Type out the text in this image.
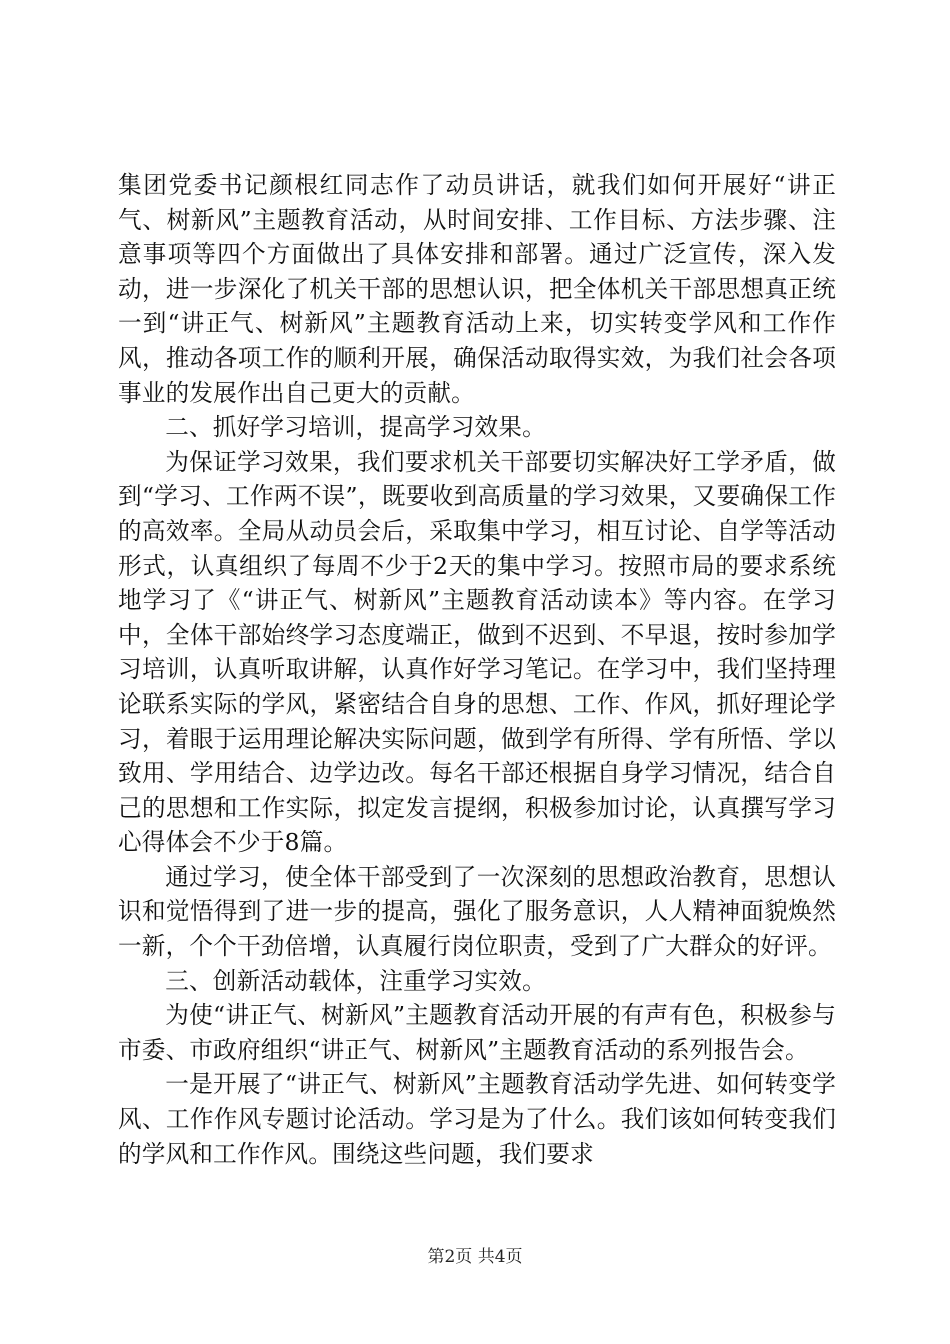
集团党委书记颜根红同志作了动员讲话，就我们如何开展好“讲正气、树新风”主题教育活动，从时间安排、工作目标、方法步骤、注意事项等四个方面做出了具体安排和部署。通过广泛宣传，深入发动，进一步深化了机关干部的思想认识，把全体机关干部思想真正统一到“讲正气、树新风”主题教育活动上来，切实转变学风和工作作风，推动各项工作的顺利开展，确保活动取得实效，为我们社会各项事业的发展作出自己更大的贡献。

二、抓好学习培训，提高学习效果。

为保证学习效果，我们要求机关干部要切实解决好工学矛盾，做到“学习、工作两不误”，既要收到高质量的学习效果，又要确保工作的高效率。全局从动员会后，采取集中学习，相互讨论、自学等活动形式，认真组织了每周不少于2天的集中学习。按照市局的要求系统地学习了《“讲正气、树新风”主题教育活动读本》等内容。在学习中，全体干部始终学习态度端正，做到不迟到、不早退，按时参加学习培训，认真听取讲解，认真作好学习笔记。在学习中，我们坚持理论联系实际的学风，紧密结合自身的思想、工作、作风，抓好理论学习，着眼于运用理论解决实际问题，做到学有所得、学有所悟、学以致用、学用结合、边学边改。每名干部还根据自身学习情况，结合自己的思想和工作实际，拟定发言提纲，积极参加讨论，认真撰写学习心得体会不少于8篇。

通过学习，使全体干部受到了一次深刻的思想政治教育，思想认识和觉悟得到了进一步的提高，强化了服务意识，人人精神面貌焕然一新，个个干劲倍增，认真履行岗位职责，受到了广大群众的好评。

三、创新活动载体，注重学习实效。

为使“讲正气、树新风”主题教育活动开展的有声有色，积极参与市委、市政府组织“讲正气、树新风”主题教育活动的系列报告会。

一是开展了“讲正气、树新风”主题教育活动学先进、如何转变学风、工作作风专题讨论活动。学习是为了什么。我们该如何转变我们的学风和工作作风。围绕这些问题，我们要求

第2页 共4页
